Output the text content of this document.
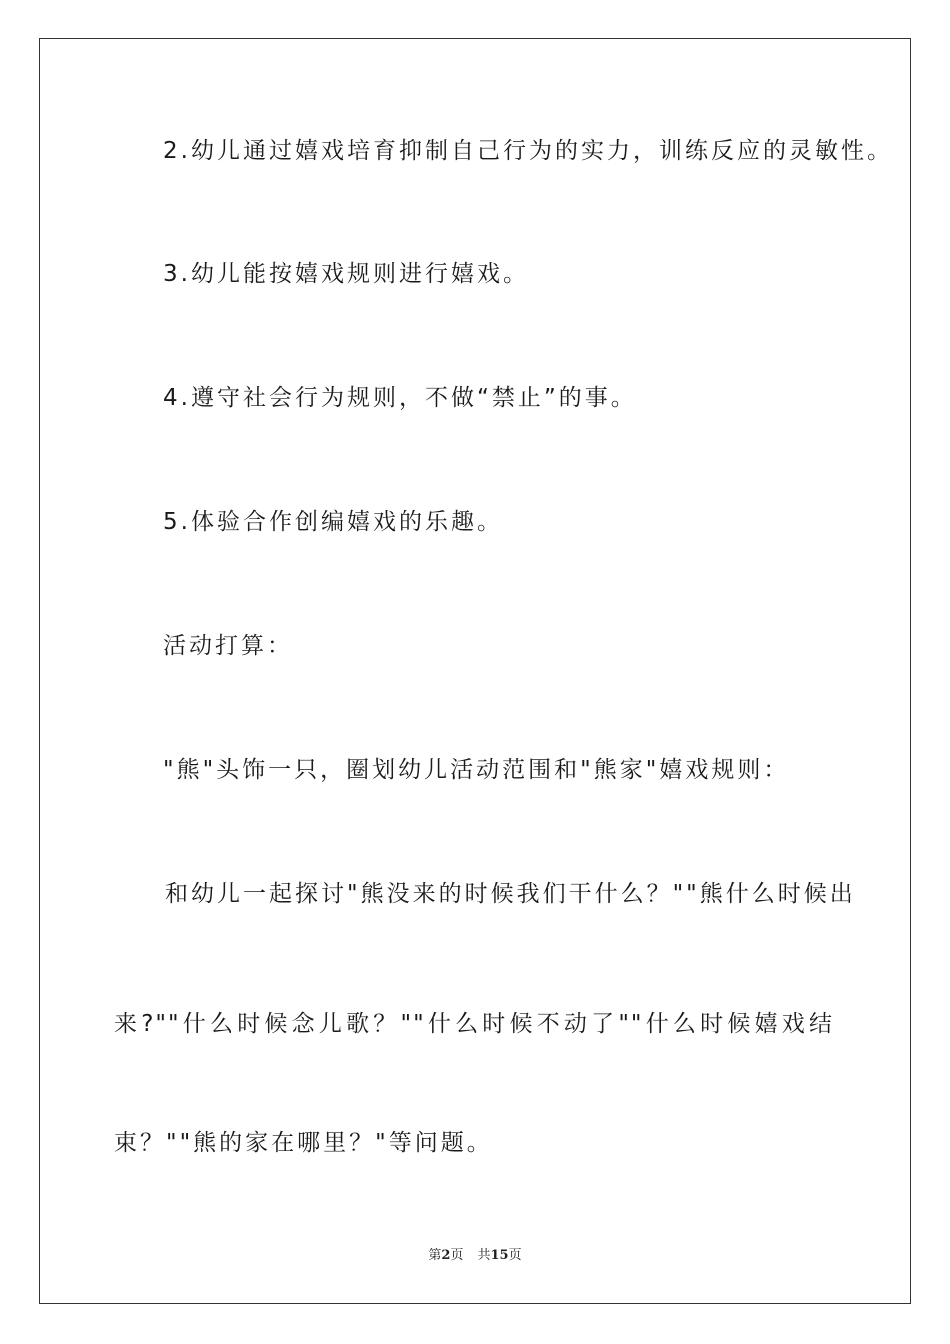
2.幼儿通过嬉戏培育抑制自己行为的实力，训练反应的灵敏性。
3.幼儿能按嬉戏规则进行嬉戏。
4.遵守社会行为规则，不做“禁止”的事。
5.体验合作创编嬉戏的乐趣。
活动打算：
"熊"头饰一只，圈划幼儿活动范围和"熊家"嬉戏规则：
和幼儿一起探讨"熊没来的时候我们干什么？""熊什么时候出
来?""什么时候念儿歌？""什么时候不动了""什么时候嬉戏结
束？""熊的家在哪里？"等问题。
第2页 共15页
